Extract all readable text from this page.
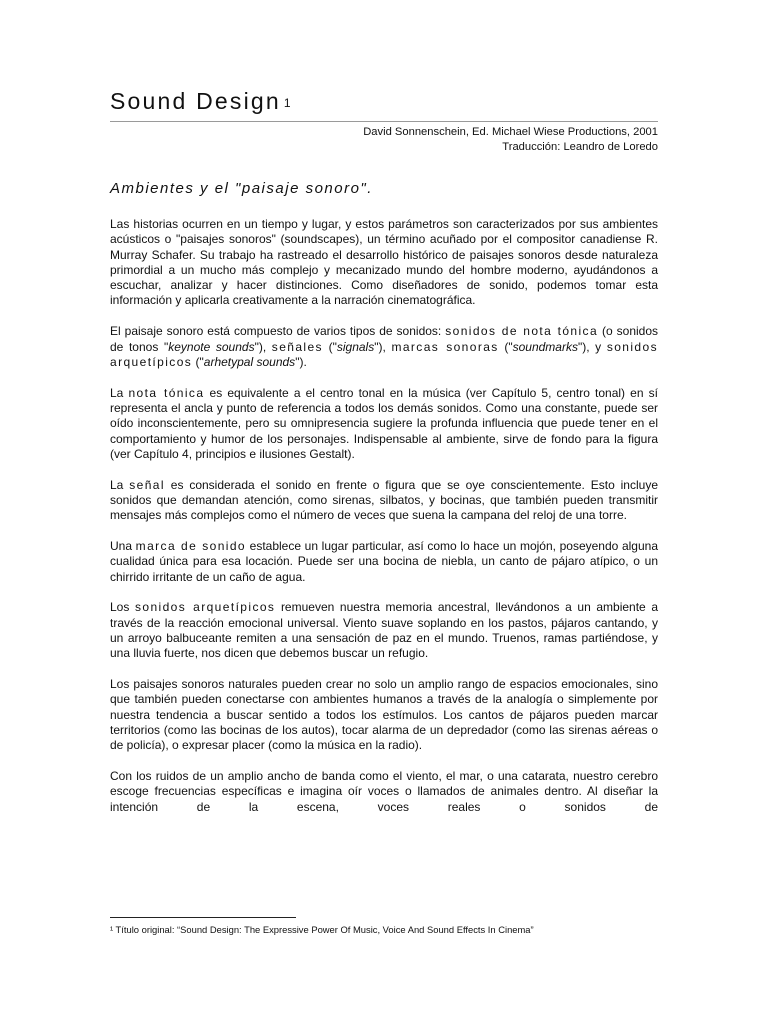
Sound Design $^1$
David Sonnenschein, Ed. Michael Wiese Productions, 2001
Traducción: Leandro de Loredo
Ambientes y el "paisaje sonoro".

Las historias ocurren en un tiempo y lugar, y estos parámetros son caracterizados por sus ambientes acústicos o "paisajes sonoros" (soundscapes), un término acuñado por el compositor canadiense R. Murray Schafer. Su trabajo ha rastreado el desarrollo histórico de paisajes sonoros desde naturaleza primordial a un mucho más complejo y mecanizado mundo del hombre moderno, ayudándonos a escuchar, analizar y hacer distinciones. Como diseñadores de sonido, podemos tomar esta información y aplicarla creativamente a la narración cinematográfica.

El paisaje sonoro está compuesto de varios tipos de sonidos: sonidos de nota tónica (o sonidos de tonos "keynote sounds"), señales ("signals"), marcas sonoras ("soundmarks"), y sonidos arquetípicos ("arhetypal sounds").

La nota tónica es equivalente a el centro tonal en la música (ver Capítulo 5, centro tonal) en sí representa el ancla y punto de referencia a todos los demás sonidos. Como una constante, puede ser oído inconscientemente, pero su omnipresencia sugiere la profunda influencia que puede tener en el comportamiento y humor de los personajes. Indispensable al ambiente, sirve de fondo para la figura (ver Capítulo 4, principios e ilusiones Gestalt).

La señal es considerada el sonido en frente o figura que se oye conscientemente. Esto incluye sonidos que demandan atención, como sirenas, silbatos, y bocinas, que también pueden transmitir mensajes más complejos como el número de veces que suena la campana del reloj de una torre.

Una marca de sonido establece un lugar particular, así como lo hace un mojón, poseyendo alguna cualidad única para esa locación. Puede ser una bocina de niebla, un canto de pájaro atípico, o un chirrido irritante de un caño de agua.

Los sonidos arquetípicos remueven nuestra memoria ancestral, llevándonos a un ambiente a través de la reacción emocional universal. Viento suave soplando en los pastos, pájaros cantando, y un arroyo balbuceante remiten a una sensación de paz en el mundo. Truenos, ramas partiéndose, y una lluvia fuerte, nos dicen que debemos buscar un refugio.

Los paisajes sonoros naturales pueden crear no solo un amplio rango de espacios emocionales, sino que también pueden conectarse con ambientes humanos a través de la analogía o simplemente por nuestra tendencia a buscar sentido a todos los estímulos. Los cantos de pájaros pueden marcar territorios (como las bocinas de los autos), tocar alarma de un depredador (como las sirenas aéreas o de policía), o expresar placer (como la música en la radio).

Con los ruidos de un amplio ancho de banda como el viento, el mar, o una catarata, nuestro cerebro escoge frecuencias específicas e imagina oír voces o llamados de animales dentro. Al diseñar la intención de la escena, voces reales o sonidos de

¹ Título original: “Sound Design: The Expressive Power Of Music, Voice And Sound Effects In Cinema”
